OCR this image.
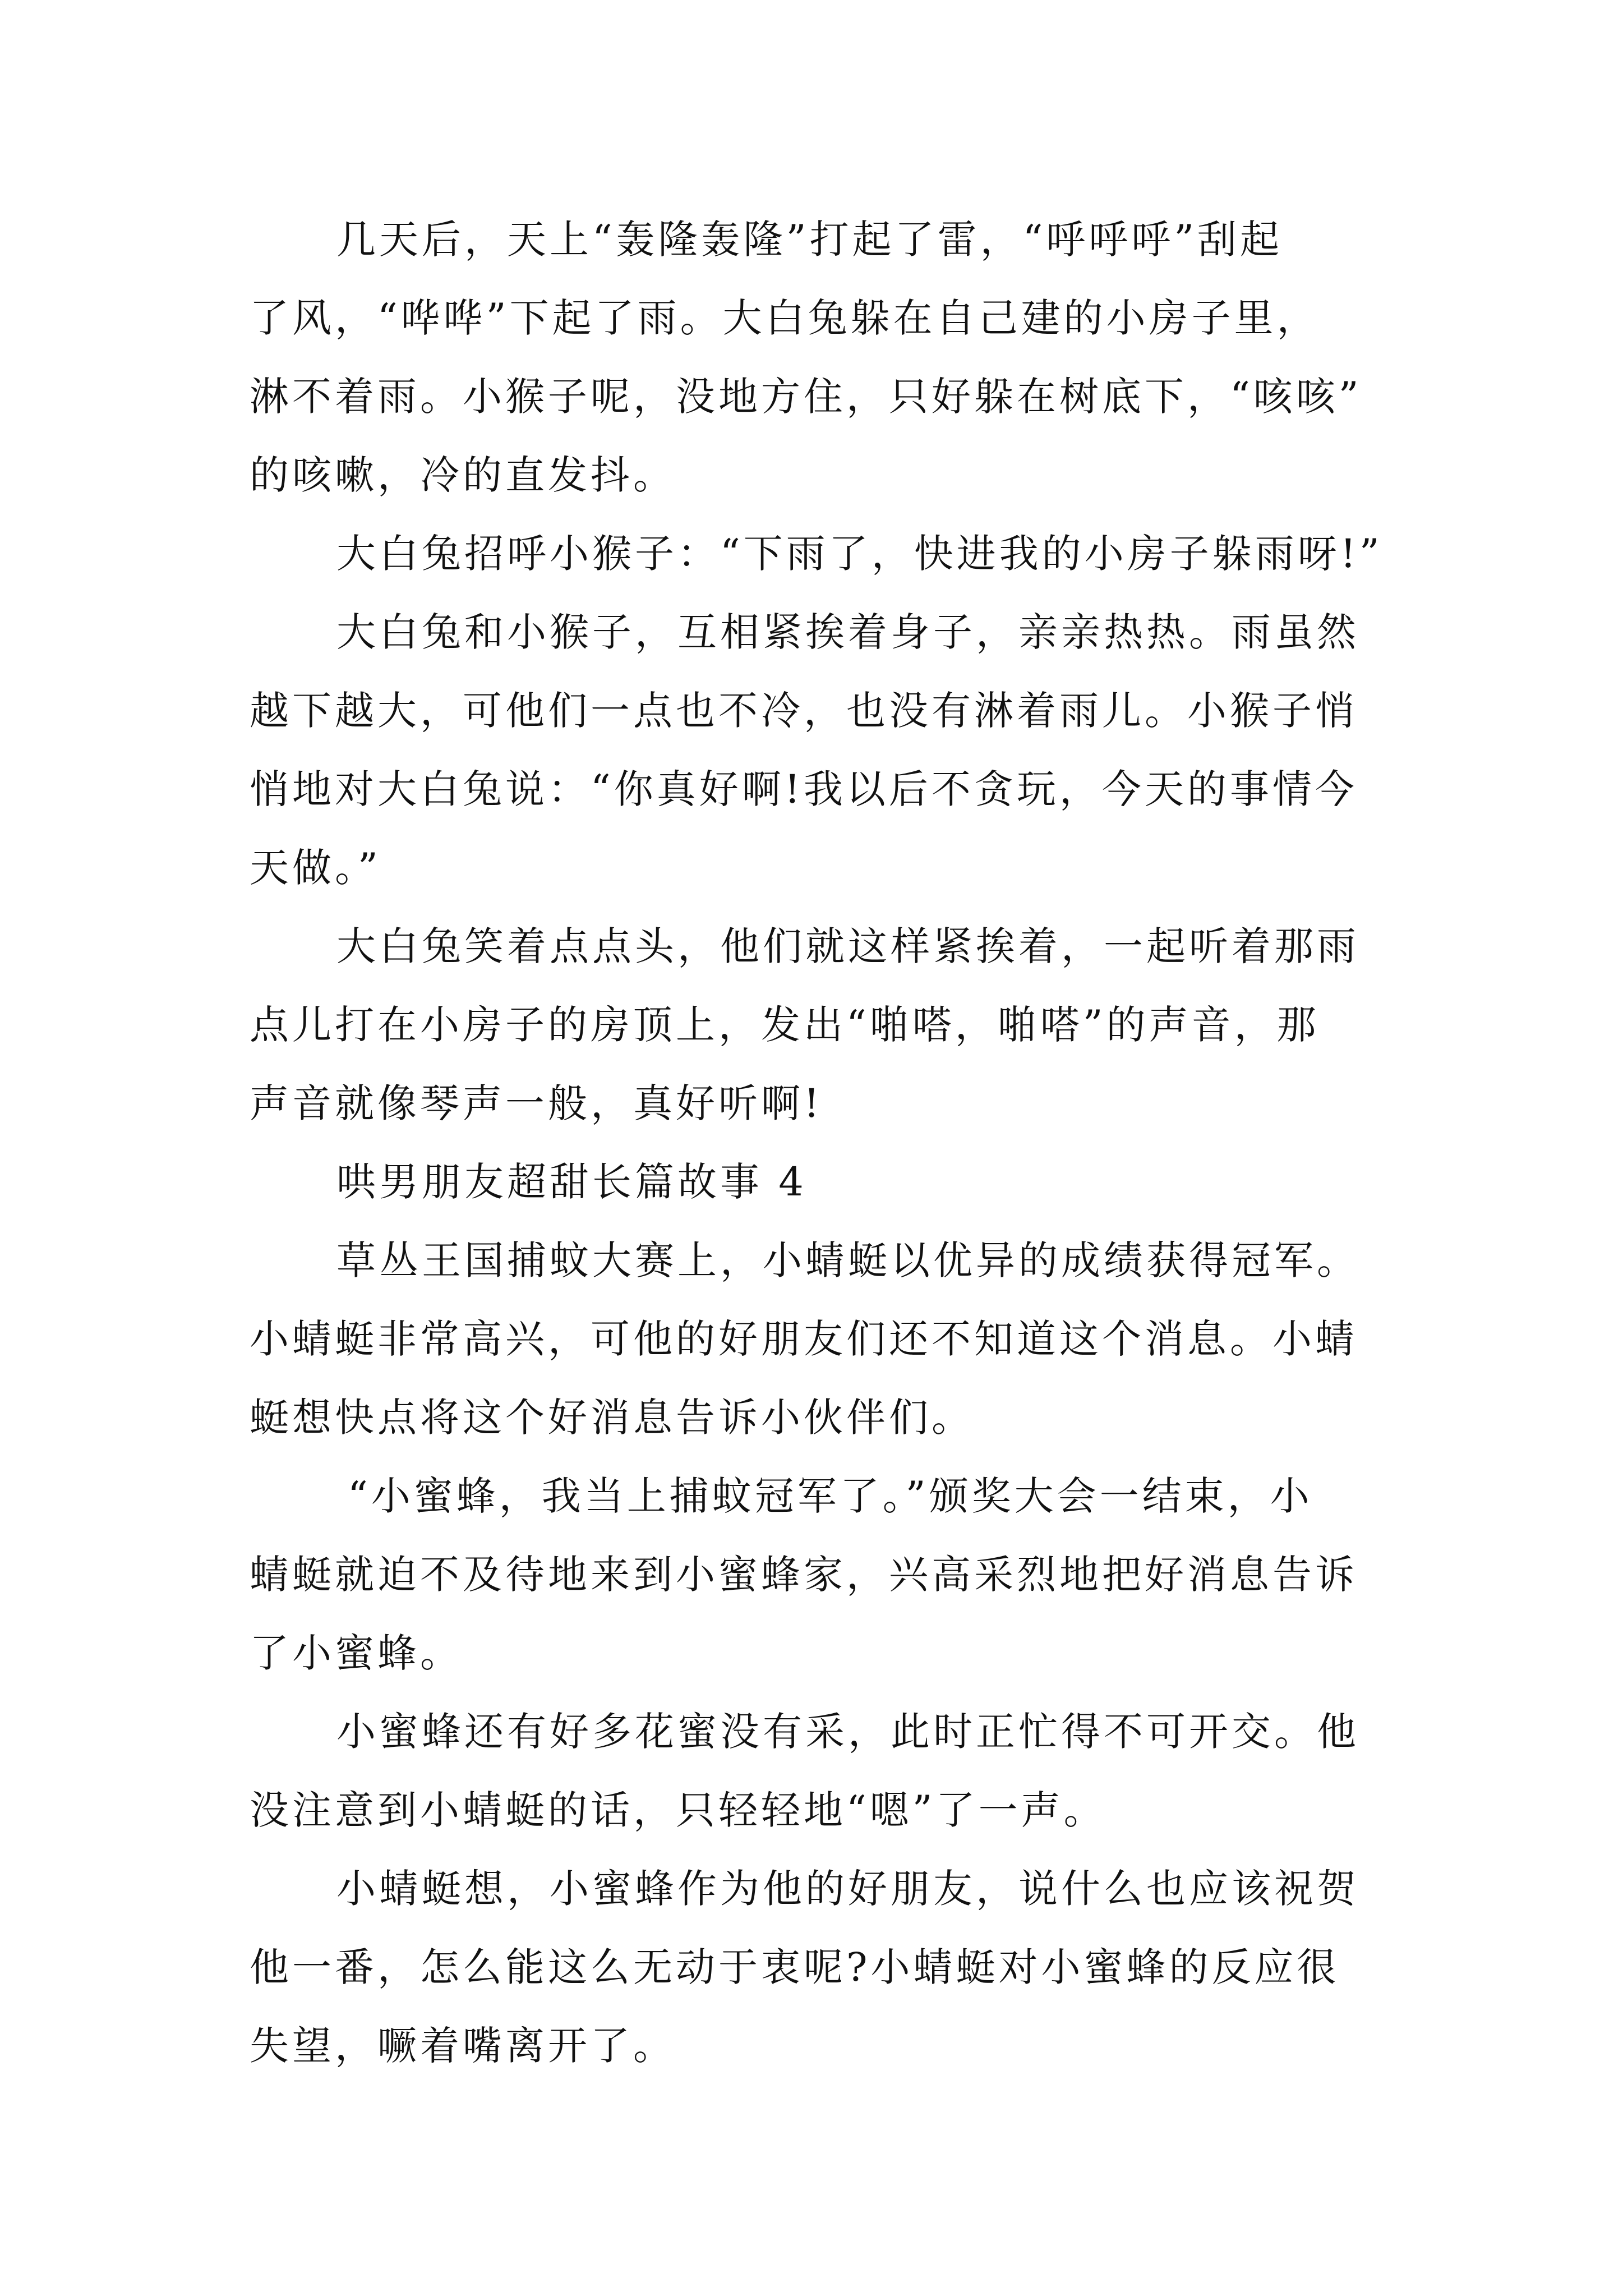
几天后，天上“轰隆轰隆”打起了雷，“呼呼呼”刮起

了风，“哗哗”下起了雨。大白兔躲在自己建的小房子里，

淋不着雨。小猴子呢，没地方住，只好躲在树底下，“咳咳”

的咳嗽，冷的直发抖。

大白兔招呼小猴子：“下雨了，快进我的小房子躲雨呀!”

大白兔和小猴子，互相紧挨着身子，亲亲热热。雨虽然

越下越大，可他们一点也不冷，也没有淋着雨儿。小猴子悄

悄地对大白兔说：“你真好啊!我以后不贪玩，今天的事情今

天做。”

大白兔笑着点点头，他们就这样紧挨着，一起听着那雨

点儿打在小房子的房顶上，发出“啪嗒，啪嗒”的声音，那

声音就像琴声一般，真好听啊!

哄男朋友超甜长篇故事 4

草丛王国捕蚊大赛上，小蜻蜓以优异的成绩获得冠军。

小蜻蜓非常高兴，可他的好朋友们还不知道这个消息。小蜻

蜓想快点将这个好消息告诉小伙伴们。

“小蜜蜂，我当上捕蚊冠军了。”颁奖大会一结束，小

蜻蜓就迫不及待地来到小蜜蜂家，兴高采烈地把好消息告诉

了小蜜蜂。

小蜜蜂还有好多花蜜没有采，此时正忙得不可开交。他

没注意到小蜻蜓的话，只轻轻地“嗯”了一声。

小蜻蜓想，小蜜蜂作为他的好朋友，说什么也应该祝贺

他一番，怎么能这么无动于衷呢?小蜻蜓对小蜜蜂的反应很

失望，噘着嘴离开了。
